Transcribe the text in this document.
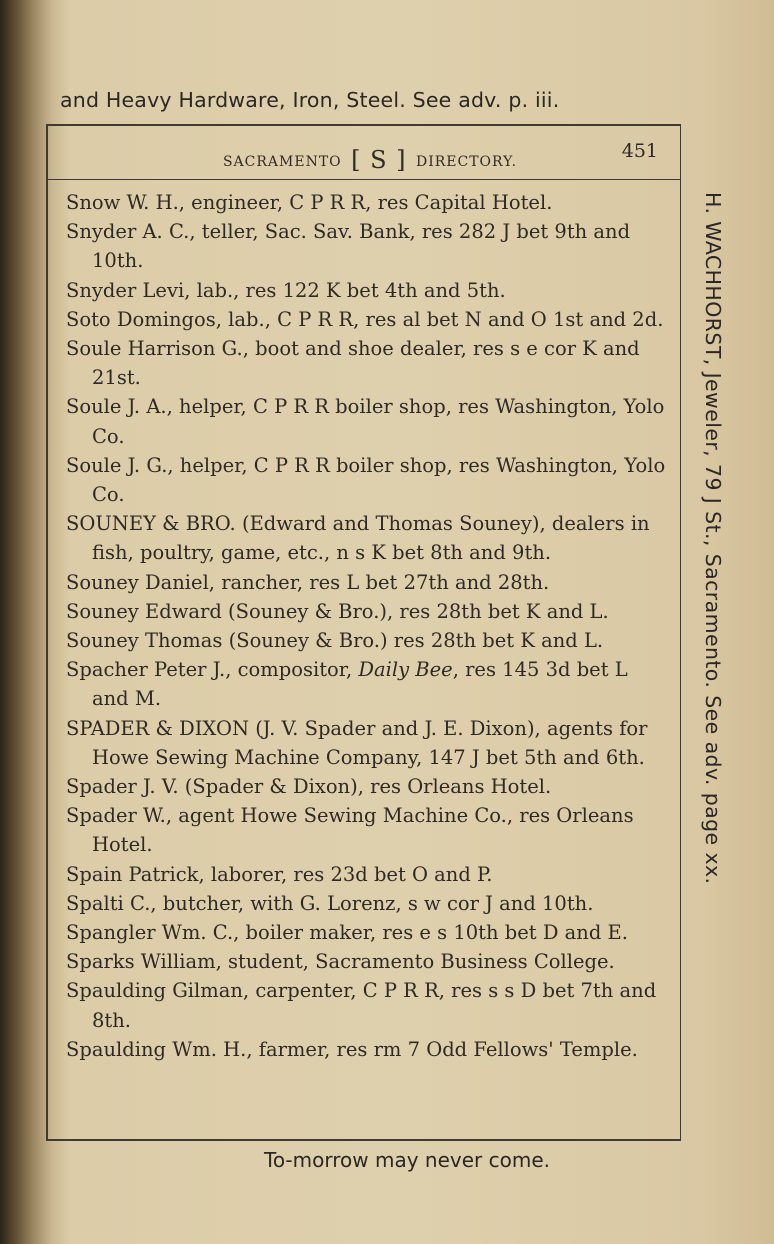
and Heavy Hardware, Iron, Steel. See adv. p. iii.
SACRAMENTO [ S ] DIRECTORY.	451
Snow W. H., engineer, C P R R, res Capital Hotel.
Snyder A. C., teller, Sac. Sav. Bank, res 282 J bet 9th and 10th.
Snyder Levi, lab., res 122 K bet 4th and 5th.
Soto Domingos, lab., C P R R, res al bet N and O 1st and 2d.
Soule Harrison G., boot and shoe dealer, res s e cor K and 21st.
Soule J. A., helper, C P R R boiler shop, res Washington, Yolo Co.
Soule J. G., helper, C P R R boiler shop, res Washington, Yolo Co.
SOUNEY & BRO. (Edward and Thomas Souney), dealers in fish, poultry, game, etc., n s K bet 8th and 9th.
Souney Daniel, rancher, res L bet 27th and 28th.
Souney Edward (Souney & Bro.), res 28th bet K and L.
Souney Thomas (Souney & Bro.) res 28th bet K and L.
Spacher Peter J., compositor, Daily Bee, res 145 3d bet L and M.
SPADER & DIXON (J. V. Spader and J. E. Dixon), agents for Howe Sewing Machine Company, 147 J bet 5th and 6th.
Spader J. V. (Spader & Dixon), res Orleans Hotel.
Spader W., agent Howe Sewing Machine Co., res Orleans Hotel.
Spain Patrick, laborer, res 23d bet O and P.
Spalti C., butcher, with G. Lorenz, s w cor J and 10th.
Spangler Wm. C., boiler maker, res e s 10th bet D and E.
Sparks William, student, Sacramento Business College.
Spaulding Gilman, carpenter, C P R R, res s s D bet 7th and 8th.
Spaulding Wm. H., farmer, res rm 7 Odd Fellows' Temple.
H. WACHHORST, Jeweler, 79 J St., Sacramento. See adv. page xx.
To-morrow may never come.
